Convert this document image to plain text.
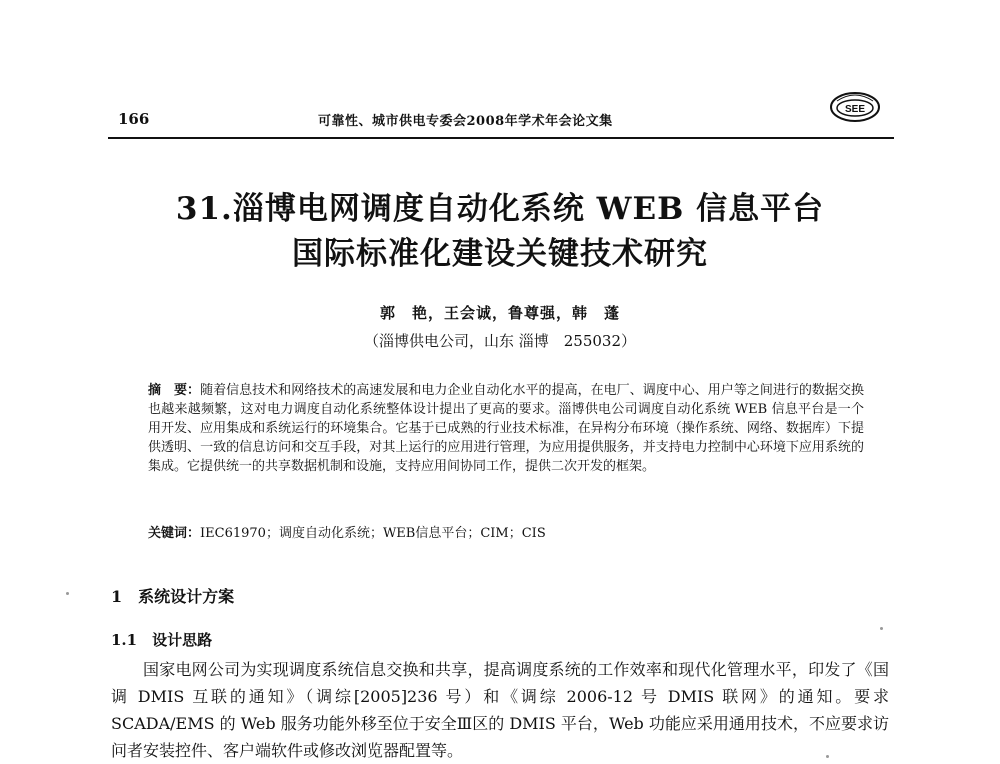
166	可靠性、城市供电专委会2008年学术年会论文集
SEE
31.淄博电网调度自动化系统 WEB 信息平台
国际标准化建设关键技术研究
郭　艳，王会诚，鲁尊强，韩　蓬
（淄博供电公司，山东 淄博　255032）
摘　要：随着信息技术和网络技术的高速发展和电力企业自动化水平的提高，在电厂、调度中心、用户等之间进行的数据交换也越来越频繁，这对电力调度自动化系统整体设计提出了更高的要求。淄博供电公司调度自动化系统 WEB 信息平台是一个 用开发、应用集成和系统运行的环境集合。它基于已成熟的行业技术标准，在异构分布环境（操作系统、网络、数据库）下提供透明、一致的信息访问和交互手段，对其上运行的应用进行管理，为应用提供服务，并支持电力控制中心环境下应用系统的集成。它提供统一的共享数据机制和设施，支持应用间协同工作，提供二次开发的框架。
关键词：IEC61970；调度自动化系统；WEB信息平台；CIM；CIS
1　系统设计方案
1.1　设计思路

国家电网公司为实现调度系统信息交换和共享，提高调度系统的工作效率和现代化管理水平，印发了《国调 DMIS 互联的通知》（调综[2005]236 号）和《调综 2006-12 号 DMIS 联网》的通知。要求 SCADA/EMS 的 Web 服务功能外移至位于安全Ⅲ区的 DMIS 平台，Web 功能应采用通用技术，不应要求访问者安装控件、客户端软件或修改浏览器配置等。
